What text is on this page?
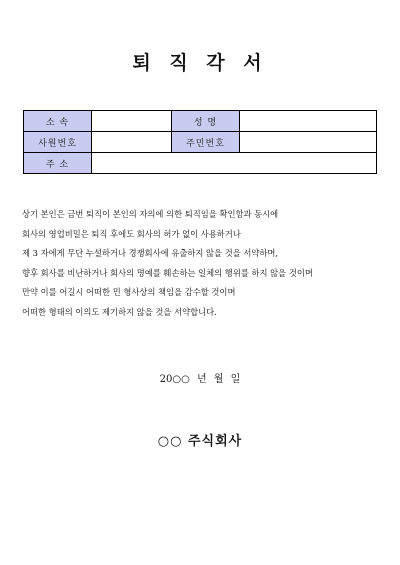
퇴 직 각 서
소 속		성 명	
사원번호		주민번호	
주 소			
상기 본인은 금번 퇴직이 본인의 자의에 의한 퇴직임을 확인함과 동시에
회사의 영업비밀은 퇴직 후에도 회사의 허가 없이 사용하거나
제 3 자에게 무단 누설하거나 경쟁회사에 유출하지 않을 것을 서약하며,
향후 회사를 비난하거나 회사의 명예를 훼손하는 일체의 행위를 하지 않을 것이며
만약 이를 어길시 어떠한 민 형사상의 책임을 감수할 것이며
어떠한 형태의 이의도 제기하지 않을 것을 서약합니다.
20○○ 년 월 일
○○ 주식회사
